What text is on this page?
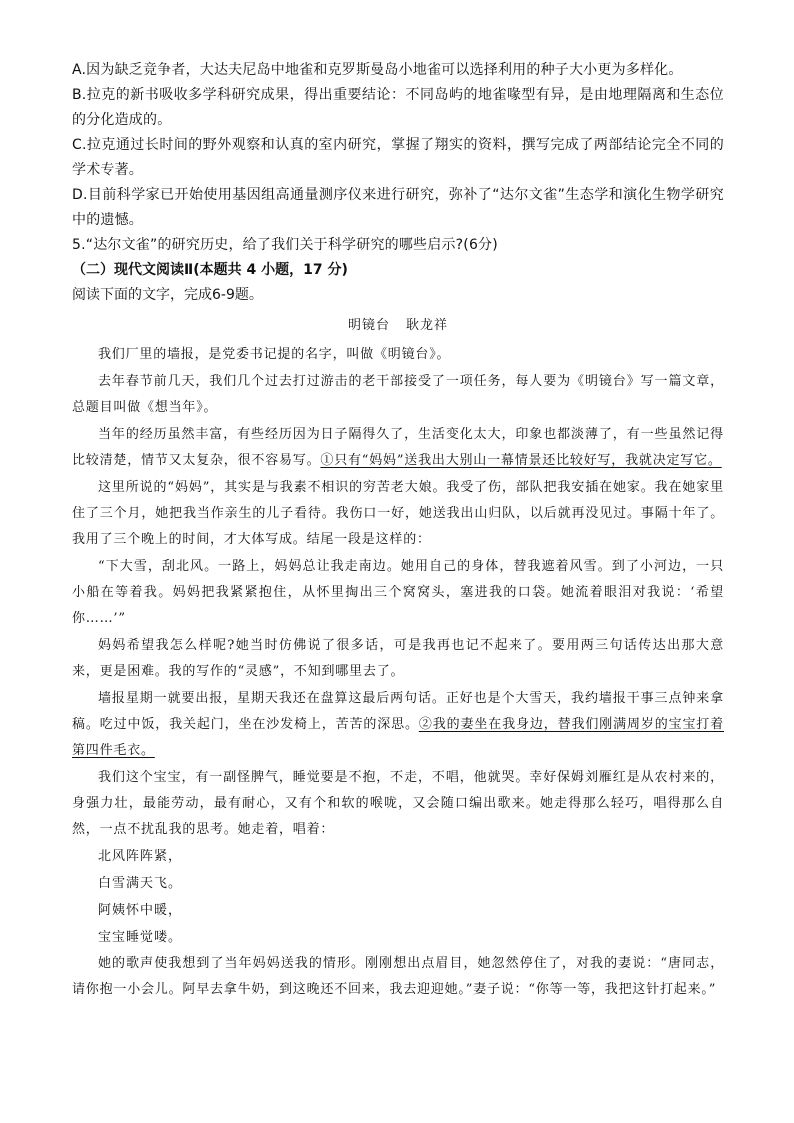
A.因为缺乏竞争者，大达夫尼岛中地雀和克罗斯曼岛小地雀可以选择利用的种子大小更为多样化。

B.拉克的新书吸收多学科研究成果，得出重要结论：不同岛屿的地雀喙型有异，是由地理隔离和生态位的分化造成的。

C.拉克通过长时间的野外观察和认真的室内研究，掌握了翔实的资料，撰写完成了两部结论完全不同的学术专著。

D.目前科学家已开始使用基因组高通量测序仪来进行研究，弥补了“达尔文雀”生态学和演化生物学研究中的遗憾。

5.“达尔文雀”的研究历史，给了我们关于科学研究的哪些启示?(6分)

（二）现代文阅读Ⅱ(本题共 4 小题，17 分)

阅读下面的文字，完成6-9题。

明镜台 耿龙祥

我们厂里的墙报，是党委书记提的名字，叫做《明镜台》。

去年春节前几天，我们几个过去打过游击的老干部接受了一项任务，每人要为《明镜台》写一篇文章，总题目叫做《想当年》。

当年的经历虽然丰富，有些经历因为日子隔得久了，生活变化太大，印象也都淡薄了，有一些虽然记得比较清楚，情节又太复杂，很不容易写。①只有“妈妈”送我出大别山一幕情景还比较好写，我就决定写它。

这里所说的“妈妈”，其实是与我素不相识的穷苦老大娘。我受了伤，部队把我安插在她家。我在她家里住了三个月，她把我当作亲生的儿子看待。我伤口一好，她送我出山归队，以后就再没见过。事隔十年了。我用了三个晚上的时间，才大体写成。结尾一段是这样的：

“下大雪，刮北风。一路上，妈妈总让我走南边。她用自己的身体，替我遮着风雪。到了小河边，一只小船在等着我。妈妈把我紧紧抱住，从怀里掏出三个窝窝头，塞进我的口袋。她流着眼泪对我说：‘希望你……’”

妈妈希望我怎么样呢?她当时仿佛说了很多话，可是我再也记不起来了。要用两三句话传达出那大意来，更是困难。我的写作的“灵感”，不知到哪里去了。

墙报星期一就要出报，星期天我还在盘算这最后两句话。正好也是个大雪天，我约墙报干事三点钟来拿稿。吃过中饭，我关起门，坐在沙发椅上，苦苦的深思。②我的妻坐在我身边，替我们刚满周岁的宝宝打着第四件毛衣。

我们这个宝宝，有一副怪脾气，睡觉要是不抱，不走，不唱，他就哭。幸好保姆刘雁红是从农村来的，身强力壮，最能劳动，最有耐心，又有个和软的喉咙，又会随口编出歌来。她走得那么轻巧，唱得那么自然，一点不扰乱我的思考。她走着，唱着：

北风阵阵紧，

白雪满天飞。

阿姨怀中暖，

宝宝睡觉喽。

她的歌声使我想到了当年妈妈送我的情形。刚刚想出点眉目，她忽然停住了，对我的妻说：“唐同志，请你抱一小会儿。阿早去拿牛奶，到这晚还不回来，我去迎迎她。”妻子说：“你等一等，我把这针打起来。”
